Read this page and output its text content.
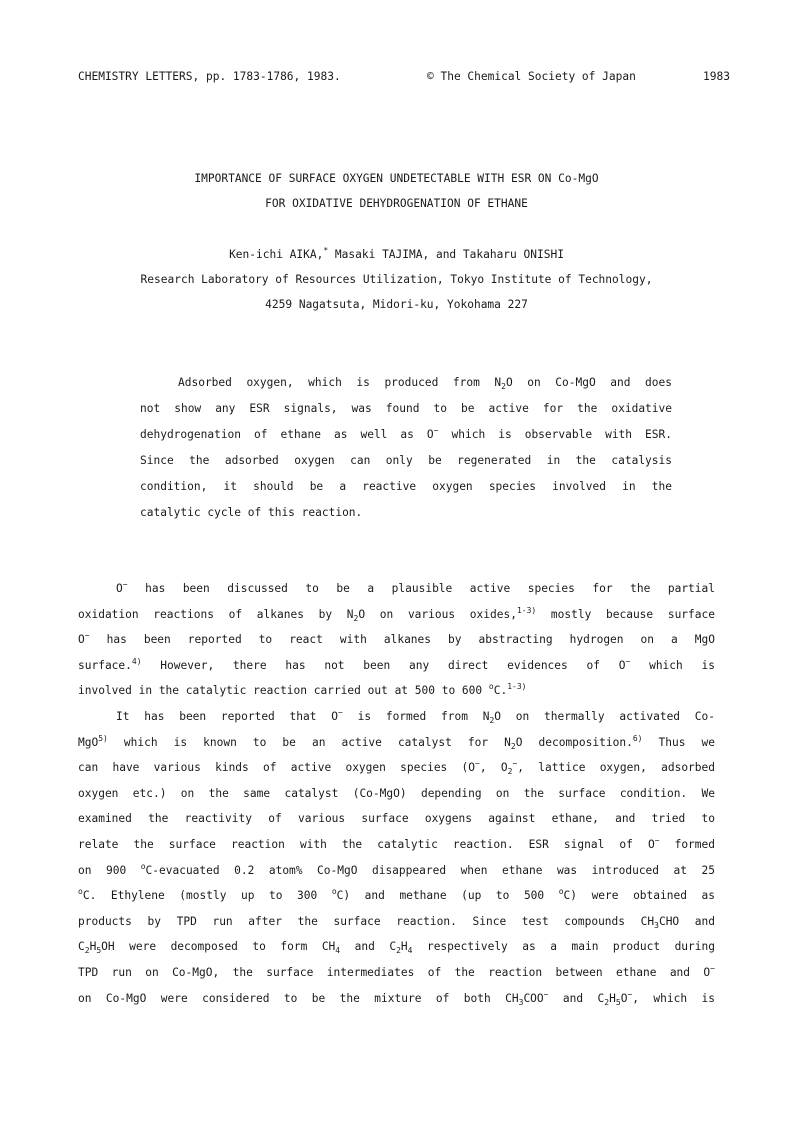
CHEMISTRY LETTERS, pp. 1783-1786, 1983.	© The Chemical Society of Japan	1983
IMPORTANCE OF SURFACE OXYGEN UNDETECTABLE WITH ESR ON Co-MgO
FOR OXIDATIVE DEHYDROGENATION OF ETHANE
Ken-ichi AIKA,* Masaki TAJIMA, and Takaharu ONISHI
Research Laboratory of Resources Utilization, Tokyo Institute of Technology,
4259 Nagatsuta, Midori-ku, Yokohama 227
Adsorbed oxygen, which is produced from $N_2O$ on Co-MgO and does
not show any ESR signals, was found to be active for the oxidative
dehydrogenation of ethane as well as O− which is observable with ESR.
Since the adsorbed oxygen can only be regenerated in the catalysis
condition, it should be a reactive oxygen species involved in the
catalytic cycle of this reaction.
O− has been discussed to be a plausible active species for the partial
oxidation reactions of alkanes by $N_2O$ on various oxides,$^{1-3)}$ mostly because surface
O− has been reported to react with alkanes by abstracting hydrogen on a MgO
surface.$^{4)}$ However, there has not been any direct evidences of O− which is
involved in the catalytic reaction carried out at 500 to 600 $^o$C.$^{1-3)}$
It has been reported that O− is formed from $N_2O$ on thermally activated Co-
MgO$^{5)}$ which is known to be an active catalyst for $N_2O$ decomposition.$^{6)}$ Thus we
can have various kinds of active oxygen species (O−, $O_2^-$, lattice oxygen, adsorbed
oxygen etc.) on the same catalyst (Co-MgO) depending on the surface condition. We
examined the reactivity of various surface oxygens against ethane, and tried to
relate the surface reaction with the catalytic reaction. ESR signal of O− formed
on 900 $^o$C-evacuated 0.2 atom% Co-MgO disappeared when ethane was introduced at 25
$^o$C. Ethylene (mostly up to 300 $^o$C) and methane (up to 500 $^o$C) were obtained as
products by TPD run after the surface reaction. Since test compounds $CH_3CHO$ and
$C_2H_5OH$ were decomposed to form $CH_4$ and $C_2H_4$ respectively as a main product during
TPD run on Co-MgO, the surface intermediates of the reaction between ethane and O−
on Co-MgO were considered to be the mixture of both $CH_3COO^-$ and $C_2H_5O^-$, which is
